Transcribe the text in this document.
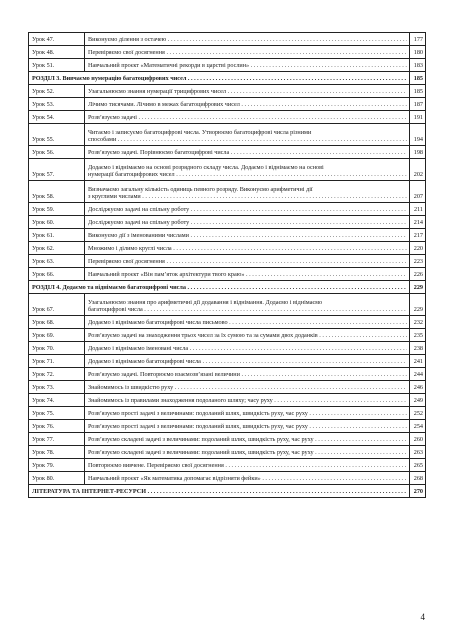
Урок 47.	Виконуємо ділення з остачею . . .	177
Урок 48.	Перевіряємо свої досягнення . . .	180
Урок 51.	Навчальний проєкт «Математичні рекорди в царстві рослин» . . .	183

РОЗДІЛ 3. Вивчаємо нумерацію багатоцифрових чисел . . .		185
Урок 52.	Узагальнюємо знання нумерації трицифрових чисел . . .	185
Урок 53.	Лічимо тисячами. Лічимо в межах багатоцифрових чисел . . .	187
Урок 54.	Розв’язуємо задачі . . .	191
Урок 55.	Читаємо і записуємо багатоцифрові числа. Утворюємо багатоцифрові числа різними
способами . . .	194
Урок 56.	Розв’язуємо задачі. Порівнюємо багатоцифрові числа . . .	198
Урок 57.	Додаємо і віднімаємо на основі розрядного складу числа. Додаємо і віднімаємо на основі
нумерації багатоцифрових чисел . . .	202
Урок 58.	Визначаємо загальну кількість одиниць певного розряду. Виконуємо арифметичні дії
з круглими числами . . .	207
Урок 59.	Досліджуємо задачі на спільну роботу . . .	211
Урок 60.	Досліджуємо задачі на спільну роботу . . .	214
Урок 61.	Виконуємо дії з іменованими числами . . .	217
Урок 62.	Множимо і ділимо круглі числа . . .	220
Урок 63.	Перевіряємо свої досягнення . . .	223
Урок 66.	Навчальний проєкт «Він пам’яток архітектури твого краю» . . .	226

РОЗДІЛ 4. Додаємо та віднімаємо багатоцифрові числа . . .		229
Урок 67.	Узагальнюємо знання про арифметичні дії додавання і віднімання. Додаємо і віднімаємо
багатоцифрові числа . . .	229
Урок 68.	Додаємо і віднімаємо багатоцифрові числа письмово . . .	232
Урок 69.	Розв’язуємо задачі на знаходження трьох чисел за їх сумою та за сумами двох доданків . . .	235
Урок 70.	Додаємо і віднімаємо іменовані числа . . .	238
Урок 71.	Додаємо і віднімаємо багатоцифрові числа . . .	241
Урок 72.	Розв’язуємо задачі. Повторюємо взаємозв’язані величини . . .	244
Урок 73.	Знайомимось із швидкістю руху . . .	246
Урок 74.	Знайомимось із правилами знаходження подоланого шляху; часу руху . . .	249
Урок 75.	Розв’язуємо прості задачі з величинами: подоланий шлях, швидкість руху, час руху . . .	252
Урок 76.	Розв’язуємо прості задачі з величинами: подоланий шлях, швидкість руху, час руху . . .	254
Урок 77.	Розв’язуємо складені задачі з величинами: подоланий шлях, швидкість руху, час руху . . .	260
Урок 78.	Розв’язуємо складені задачі з величинами: подоланий шлях, швидкість руху, час руху . . .	263
Урок 79.	Повторюємо вивчене. Перевіряємо свої досягнення . . .	265
Урок 80.	Навчальний проєкт «Як математика допомагає відрізняти фейки» . . .	268

ЛІТЕРАТУРА ТА ІНТЕРНЕТ-РЕСУРСИ . . .		270
4
